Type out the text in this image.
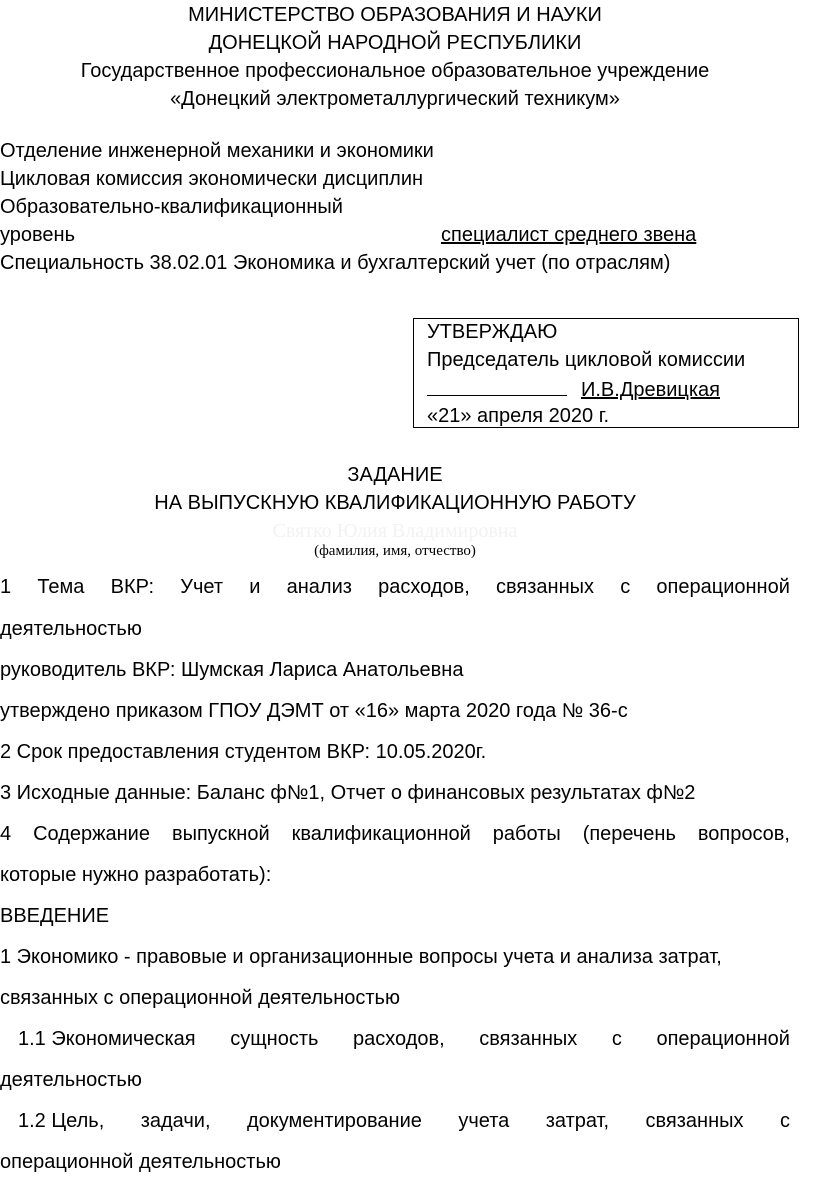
МИНИСТЕРСТВО ОБРАЗОВАНИЯ И НАУКИ
ДОНЕЦКОЙ НАРОДНОЙ РЕСПУБЛИКИ
Государственное профессиональное образовательное учреждение
«Донецкий электрометаллургический техникум»
Отделение инженерной механики и экономики
Цикловая комиссия экономически дисциплин
Образовательно-квалификационный
уровень	специалист среднего звена
Специальность 38.02.01 Экономика и бухгалтерский учет (по отраслям)
УТВЕРЖДАЮ
Председатель цикловой комиссии
И.В.Древицкая
«21» апреля 2020 г.
ЗАДАНИЕ
НА ВЫПУСКНУЮ КВАЛИФИКАЦИОННУЮ РАБОТУ
Святко Юлия Владимировна
(фамилия, имя, отчество)
1 Тема ВКР: Учет и анализ расходов, связанных с операционной
деятельностью
руководитель ВКР: Шумская Лариса Анатольевна
утверждено приказом ГПОУ ДЭМТ от «16» марта 2020 года № 36-с
2 Срок предоставления студентом ВКР: 10.05.2020г.
3 Исходные данные: Баланс ф№1, Отчет о финансовых результатах ф№2
4 Содержание выпускной квалификационной работы (перечень вопросов,
которые нужно разработать):
ВВЕДЕНИЕ
1 Экономико - правовые и организационные вопросы учета и анализа затрат,
связанных с операционной деятельностью
1.1 Экономическая сущность расходов, связанных с операционной
деятельностью
1.2 Цель, задачи, документирование учета затрат, связанных с
операционной деятельностью
